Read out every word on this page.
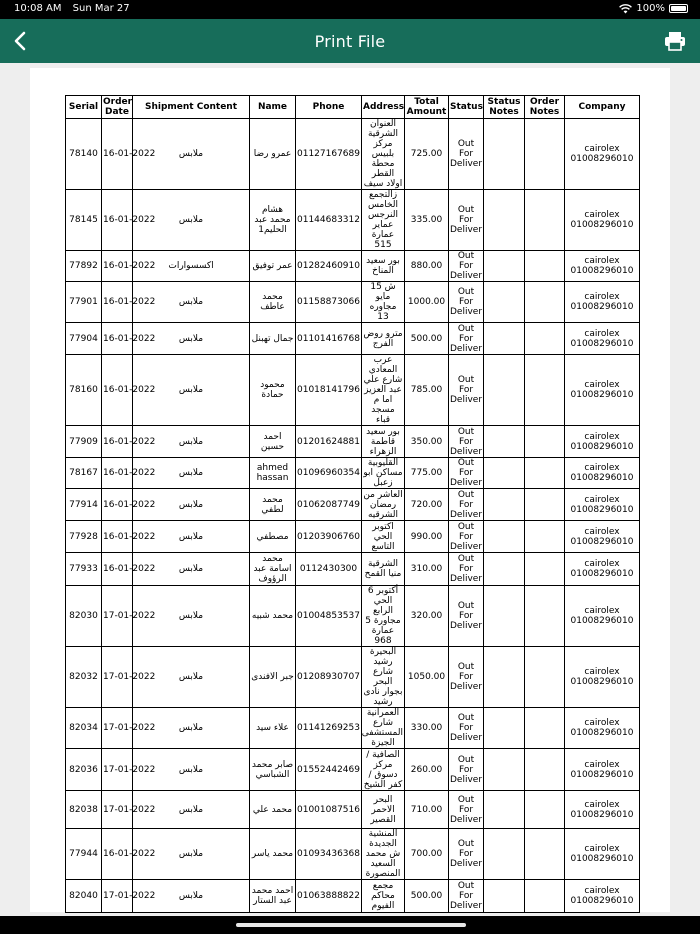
10:08 AM Sun Mar 27	100%
Print File
Serial	Order Date	Shipment Content	Name	Phone	Address	Total Amount	Status	Status Notes	Order Notes	Company
78140	16-01-2022	ملابس	عمرو رضا	01127167689	العنوان الشرقية مركز بلبيس محطة القطر اولاد سيف	725.00	Out For Deliver			cairolex 01008296010
78145	16-01-2022	ملابس	هشام محمد عبد الحليم1	01144683312	زالتجمع الخامس النرجس عماير عمارة 515	335.00	Out For Deliver			cairolex 01008296010
77892	16-01-2022	اكسسوارات	عمر توفيق	01282460910	بور سعيد المناخ	880.00	Out For Deliver			cairolex 01008296010
77901	16-01-2022	ملابس	محمد عاطف	01158873066	ش 15 مايو مجاوره 13	1000.00	Out For Deliver			cairolex 01008296010
77904	16-01-2022	ملابس	جمال تهبنل	01101416768	مترو روض الفرج	500.00	Out For Deliver			cairolex 01008296010
78160	16-01-2022	ملابس	محمود حمادة	01018141796	عرب المعادي شارع علي عبد العزيز اما م مسجد قباء	785.00	Out For Deliver			cairolex 01008296010
77909	16-01-2022	ملابس	احمد حسين	01201624881	بور سعيد قاطمة الزهراء	350.00	Out For Deliver			cairolex 01008296010
78167	16-01-2022	ملابس	ahmed hassan	01096960354	القليوبية مساكن ابو زعبل	775.00	Out For Deliver			cairolex 01008296010
77914	16-01-2022	ملابس	محمد لطفي	01062087749	العاشر من رمضان الشرقيه	720.00	Out For Deliver			cairolex 01008296010
77928	16-01-2022	ملابس	مصطفي	01203906760	اكتوبر الحي التاسع	990.00	Out For Deliver			cairolex 01008296010
77933	16-01-2022	ملابس	محمد اسامة عبد الرؤوف	0112430300	الشرقية منيا القمح	310.00	Out For Deliver			cairolex 01008296010
82030	17-01-2022	ملابس	محمد شبيه	01004853537	أكتوبر 6 الحي الرابع مجاورة 5 عمارة 968	320.00	Out For Deliver			cairolex 01008296010
82032	17-01-2022	ملابس	جبر الافندى	01208930707	البحيرة رشيد شارع البحر بجوار نادى رشيد	1050.00	Out For Deliver			cairolex 01008296010
82034	17-01-2022	ملابس	علاء سيد	01141269253	العمرانية شارع المستشفى الجيزة	330.00	Out For Deliver			cairolex 01008296010
82036	17-01-2022	ملابس	صابر محمد الشباسي	01552442469	الصافية / مركز دسوق / كفر الشيخ	260.00	Out For Deliver			cairolex 01008296010
82038	17-01-2022	ملابس	محمد علي	01001087516	البحر الاحمر القصير	710.00	Out For Deliver			cairolex 01008296010
77944	16-01-2022	ملابس	محمد ياسر	01093436368	المنشية الجديدة ش محمد السعيد المنصورة	700.00	Out For Deliver			cairolex 01008296010
82040	17-01-2022	ملابس	احمد محمد عبد الستار	01063888822	مجمع محاكم الفيوم	500.00	Out For Deliver			cairolex 01008296010
